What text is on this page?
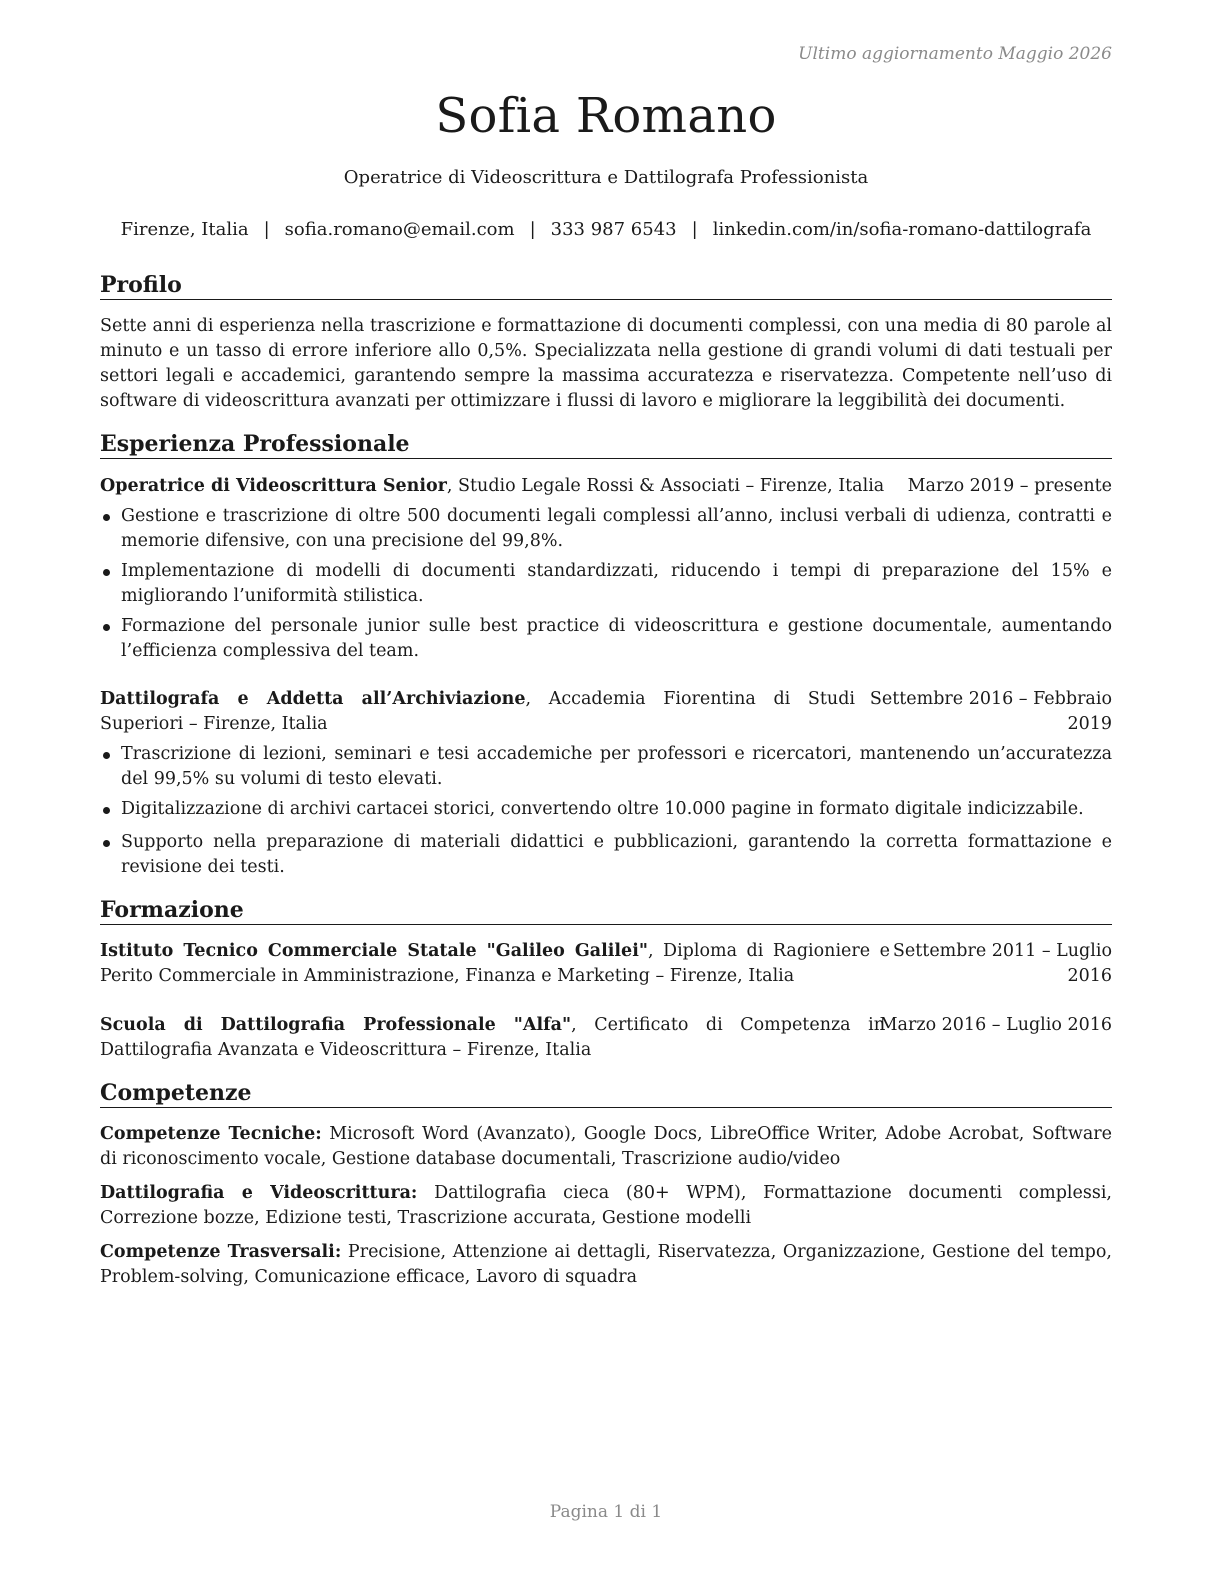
Ultimo aggiornamento Maggio 2026
Sofia Romano
Operatrice di Videoscrittura e Dattilografa Professionista
Firenze, Italia | sofia.romano@email.com | 333 987 6543 | linkedin.com/in/sofia-romano-dattilografa
Profilo

Sette anni di esperienza nella trascrizione e formattazione di documenti complessi, con una media di 80 parole al minuto e un tasso di errore inferiore allo 0,5%. Specializzata nella gestione di grandi volumi di dati testuali per settori legali e accademici, garantendo sempre la massima accuratezza e riservatezza. Competente nell’uso di software di videoscrittura avanzati per ottimizzare i flussi di lavoro e migliorare la leggibilità dei documenti.

Esperienza Professionale
Operatrice di Videoscrittura Senior, Studio Legale Rossi & Associati – Firenze, Italia Marzo 2019 – presente
Gestione e trascrizione di oltre 500 documenti legali complessi all’anno, inclusi verbali di udienza, contratti e memorie difensive, con una precisione del 99,8%.
Implementazione di modelli di documenti standardizzati, riducendo i tempi di preparazione del 15% e migliorando l’uniformità stilistica.
Formazione del personale junior sulle best practice di videoscrittura e gestione documentale, aumentando l’efficienza complessiva del team.
Dattilografa e Addetta all’Archiviazione, Accademia Fiorentina di Studi Superiori – Firenze, Italia
Settembre 2016 – Febbraio
2019
Trascrizione di lezioni, seminari e tesi accademiche per professori e ricercatori, mantenendo un’accuratezza del 99,5% su volumi di testo elevati.
Digitalizzazione di archivi cartacei storici, convertendo oltre 10.000 pagine in formato digitale indicizzabile.
Supporto nella preparazione di materiali didattici e pubblicazioni, garantendo la corretta formattazione e revisione dei testi.
Formazione
Istituto Tecnico Commerciale Statale "Galileo Galilei", Diploma di Ragioniere e Perito Commerciale in Amministrazione, Finanza e Marketing – Firenze, Italia
Settembre 2011 – Luglio
2016
Scuola di Dattilografia Professionale "Alfa", Certificato di Competenza in Dattilografia Avanzata e Videoscrittura – Firenze, Italia
Marzo 2016 – Luglio 2016
Competenze
Competenze Tecniche: Microsoft Word (Avanzato), Google Docs, LibreOffice Writer, Adobe Acrobat, Software di riconoscimento vocale, Gestione database documentali, Trascrizione audio/video
Dattilografia e Videoscrittura: Dattilografia cieca (80+ WPM), Formattazione documenti complessi, Correzione bozze, Edizione testi, Trascrizione accurata, Gestione modelli
Competenze Trasversali: Precisione, Attenzione ai dettagli, Riservatezza, Organizzazione, Gestione del tempo, Problem-solving, Comunicazione efficace, Lavoro di squadra
Pagina 1 di 1
